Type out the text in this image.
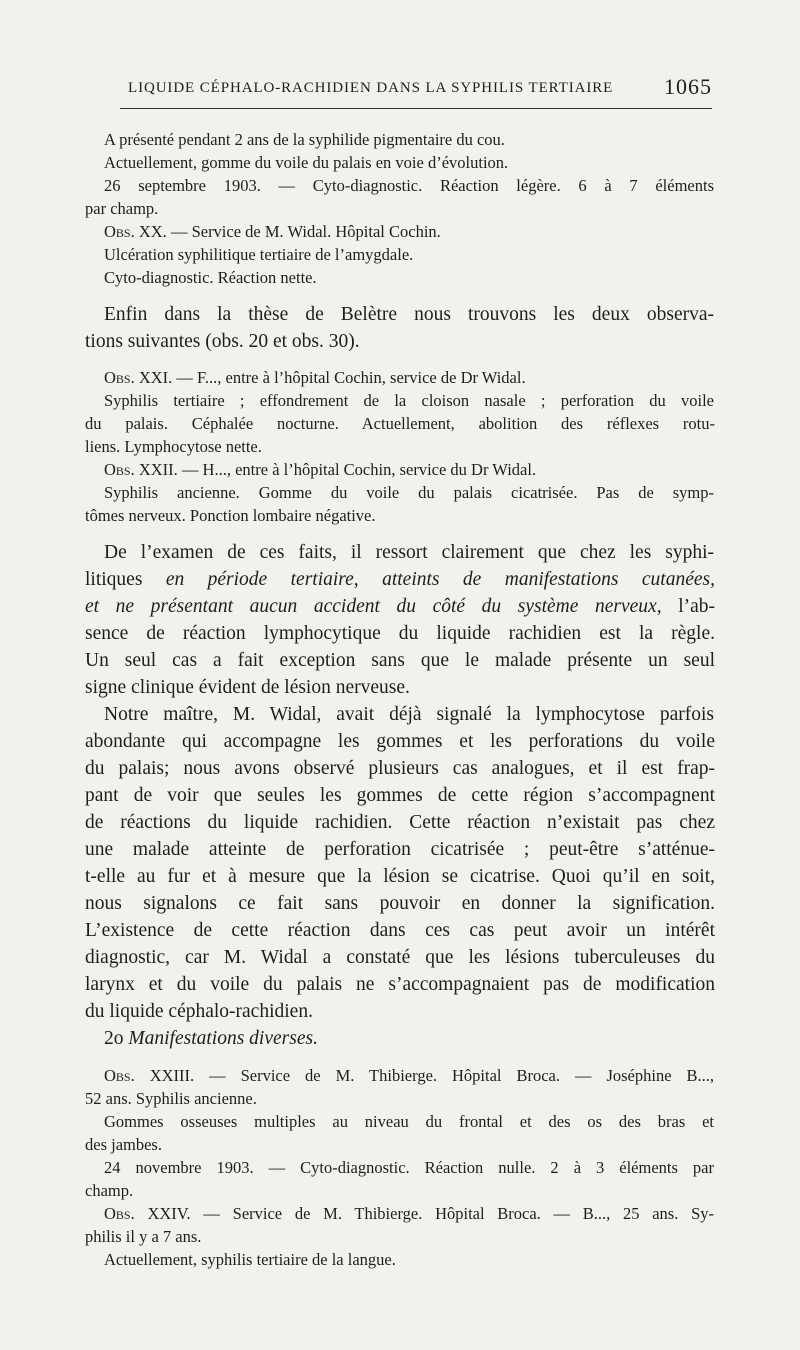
LIQUIDE CÉPHALO-RACHIDIEN DANS LA SYPHILIS TERTIAIRE 1065
A présenté pendant 2 ans de la syphilide pigmentaire du cou.
Actuellement, gomme du voile du palais en voie d’évolution.
26 septembre 1903. — Cyto-diagnostic. Réaction légère. 6 à 7 éléments
par champ.
Obs. XX. — Service de M. Widal. Hôpital Cochin.
Ulcération syphilitique tertiaire de l’amygdale.
Cyto-diagnostic. Réaction nette.
Enfin dans la thèse de Belètre nous trouvons les deux observa-
tions suivantes (obs. 20 et obs. 30).
Obs. XXI. — F..., entre à l’hôpital Cochin, service de Dr Widal.
Syphilis tertiaire ; effondrement de la cloison nasale ; perforation du voile
du palais. Céphalée nocturne. Actuellement, abolition des réflexes rotu-
liens. Lymphocytose nette.
Obs. XXII. — H..., entre à l’hôpital Cochin, service du Dr Widal.
Syphilis ancienne. Gomme du voile du palais cicatrisée. Pas de symp-
tômes nerveux. Ponction lombaire négative.
De l’examen de ces faits, il ressort clairement que chez les syphi-
litiques en période tertiaire, atteints de manifestations cutanées,
et ne présentant aucun accident du côté du système nerveux, l’ab-
sence de réaction lymphocytique du liquide rachidien est la règle.
Un seul cas a fait exception sans que le malade présente un seul
signe clinique évident de lésion nerveuse.
Notre maître, M. Widal, avait déjà signalé la lymphocytose parfois
abondante qui accompagne les gommes et les perforations du voile
du palais; nous avons observé plusieurs cas analogues, et il est frap-
pant de voir que seules les gommes de cette région s’accompagnent
de réactions du liquide rachidien. Cette réaction n’existait pas chez
une malade atteinte de perforation cicatrisée ; peut-être s’atténue-
t-elle au fur et à mesure que la lésion se cicatrise. Quoi qu’il en soit,
nous signalons ce fait sans pouvoir en donner la signification.
L’existence de cette réaction dans ces cas peut avoir un intérêt
diagnostic, car M. Widal a constaté que les lésions tuberculeuses du
larynx et du voile du palais ne s’accompagnaient pas de modification
du liquide céphalo-rachidien.
2o Manifestations diverses.
Obs. XXIII. — Service de M. Thibierge. Hôpital Broca. — Joséphine B...,
52 ans. Syphilis ancienne.
Gommes osseuses multiples au niveau du frontal et des os des bras et
des jambes.
24 novembre 1903. — Cyto-diagnostic. Réaction nulle. 2 à 3 éléments par
champ.
Obs. XXIV. — Service de M. Thibierge. Hôpital Broca. — B..., 25 ans. Sy-
philis il y a 7 ans.
Actuellement, syphilis tertiaire de la langue.
